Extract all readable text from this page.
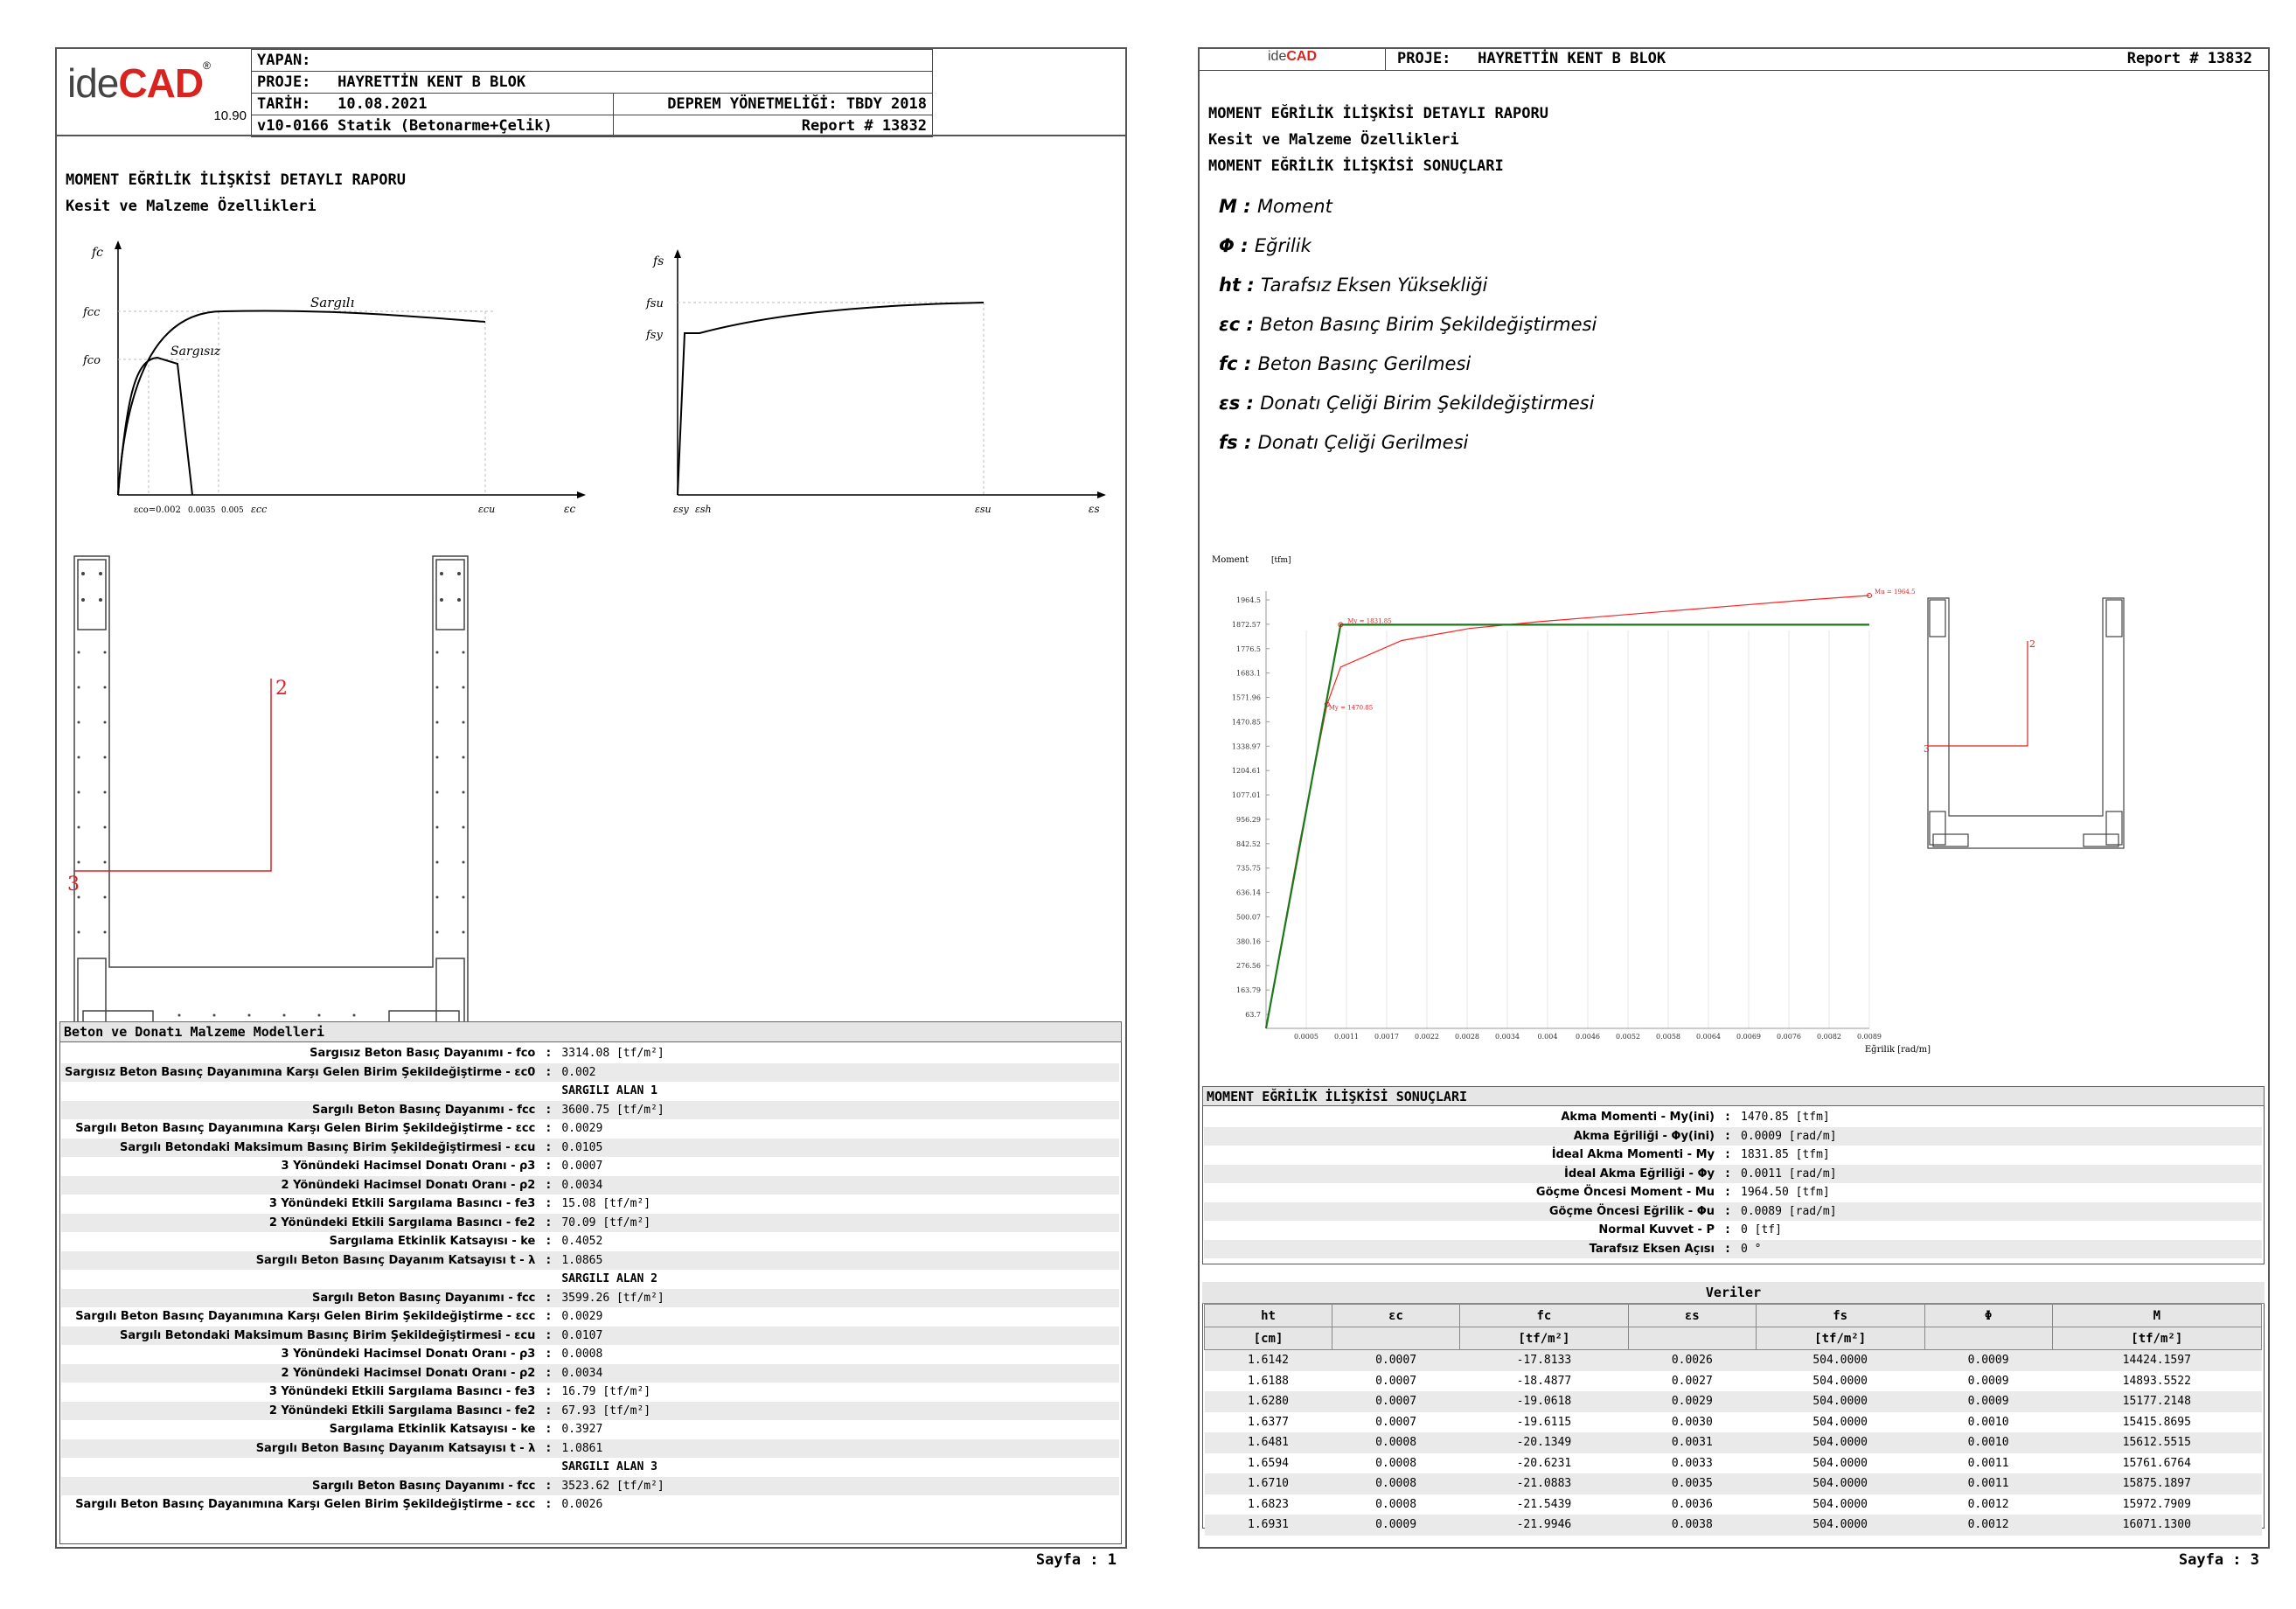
ideCAD®
10.90
YAPAN:	
PROJE: HAYRETTİN KENT B BLOK	
TARİH: 10.08.2021	DEPREM YÖNETMELİĞİ: TBDY 2018
v10-0166 Statik (Betonarme+Çelik)	Report # 13832
MOMENT EĞRİLİK İLİŞKİSİ DETAYLI RAPORU
Kesit ve Malzeme Özellikleri
fc
fcc
fco
Sargılı
Sargısız
εco=0.002 0.0035 0.005 εcc	εcu	εc
fs
fsu
fsy
εsy εsh	εsu	εs
2
3
Beton ve Donatı Malzeme Modelleri
Sargısız Beton Basıç Dayanımı - fco	:	3314.08 [tf/m²]
Sargısız Beton Basınç Dayanımına Karşı Gelen Birim Şekildeğiştirme - εc0	:	0.002
		SARGILI ALAN 1
Sargılı Beton Basınç Dayanımı - fcc	:	3600.75 [tf/m²]
Sargılı Beton Basınç Dayanımına Karşı Gelen Birim Şekildeğiştirme - εcc	:	0.0029
Sargılı Betondaki Maksimum Basınç Birim Şekildeğiştirmesi - εcu	:	0.0105
3 Yönündeki Hacimsel Donatı Oranı - ρ3	:	0.0007
2 Yönündeki Hacimsel Donatı Oranı - ρ2	:	0.0034
3 Yönündeki Etkili Sargılama Basıncı - fe3	:	15.08 [tf/m²]
2 Yönündeki Etkili Sargılama Basıncı - fe2	:	70.09 [tf/m²]
Sargılama Etkinlik Katsayısı - ke	:	0.4052
Sargılı Beton Basınç Dayanım Katsayısı t - λ	:	1.0865
		SARGILI ALAN 2
Sargılı Beton Basınç Dayanımı - fcc	:	3599.26 [tf/m²]
Sargılı Beton Basınç Dayanımına Karşı Gelen Birim Şekildeğiştirme - εcc	:	0.0029
Sargılı Betondaki Maksimum Basınç Birim Şekildeğiştirmesi - εcu	:	0.0107
3 Yönündeki Hacimsel Donatı Oranı - ρ3	:	0.0008
2 Yönündeki Hacimsel Donatı Oranı - ρ2	:	0.0034
3 Yönündeki Etkili Sargılama Basıncı - fe3	:	16.79 [tf/m²]
2 Yönündeki Etkili Sargılama Basıncı - fe2	:	67.93 [tf/m²]
Sargılama Etkinlik Katsayısı - ke	:	0.3927
Sargılı Beton Basınç Dayanım Katsayısı t - λ	:	1.0861
		SARGILI ALAN 3
Sargılı Beton Basınç Dayanımı - fcc	:	3523.62 [tf/m²]
Sargılı Beton Basınç Dayanımına Karşı Gelen Birim Şekildeğiştirme - εcc	:	0.0026
Sayfa : 1
ideCAD	PROJE: HAYRETTİN KENT B BLOK	Report # 13832
MOMENT EĞRİLİK İLİŞKİSİ DETAYLI RAPORU
Kesit ve Malzeme Özellikleri
MOMENT EĞRİLİK İLİŞKİSİ SONUÇLARI
M : Moment
Φ : Eğrilik
ht : Tarafsız Eksen Yüksekliği
εc : Beton Basınç Birim Şekildeğiştirmesi
fc : Beton Basınç Gerilmesi
εs : Donatı Çeliği Birim Şekildeğiştirmesi
fs : Donatı Çeliği Gerilmesi
63.7
163.79
276.56
380.16
500.07
636.14
735.75
842.52
956.29
1077.01
1204.61
1338.97
1470.85
1571.96
1683.1
1776.5
1872.57
1964.5
0.0005 0.0011 0.0017 0.0022 0.0028 0.0034	0.004	0.0046 0.0052 0.0058 0.0064 0.0069 0.0076 0.0082 0.0089
Moment	[tfm]
Eğrilik [rad/m]
Mu = 1964.5
My = 1831.85
My = 1470.85
2
3
MOMENT EĞRİLİK İLİŞKİSİ SONUÇLARI
Akma Momenti - My(ini)	:	1470.85 [tfm]
Akma Eğriliği - Φy(ini)	:	0.0009 [rad/m]
İdeal Akma Momenti - My	:	1831.85 [tfm]
İdeal Akma Eğriliği - Φy	:	0.0011 [rad/m]
Göçme Öncesi Moment - Mu	:	1964.50 [tfm]
Göçme Öncesi Eğrilik - Φu	:	0.0089 [rad/m]
Normal Kuvvet - P	:	0 [tf]
Tarafsız Eksen Açısı	:	0 °
Veriler
ht	εc	fc	εs	fs	Φ	M
[cm]		[tf/m²]		[tf/m²]		[tf/m²]
1.6142	0.0007	-17.8133	0.0026	504.0000	0.0009	14424.1597
1.6188	0.0007	-18.4877	0.0027	504.0000	0.0009	14893.5522
1.6280	0.0007	-19.0618	0.0029	504.0000	0.0009	15177.2148
1.6377	0.0007	-19.6115	0.0030	504.0000	0.0010	15415.8695
1.6481	0.0008	-20.1349	0.0031	504.0000	0.0010	15612.5515
1.6594	0.0008	-20.6231	0.0033	504.0000	0.0011	15761.6764
1.6710	0.0008	-21.0883	0.0035	504.0000	0.0011	15875.1897
1.6823	0.0008	-21.5439	0.0036	504.0000	0.0012	15972.7909
1.6931	0.0009	-21.9946	0.0038	504.0000	0.0012	16071.1300
Sayfa : 3
